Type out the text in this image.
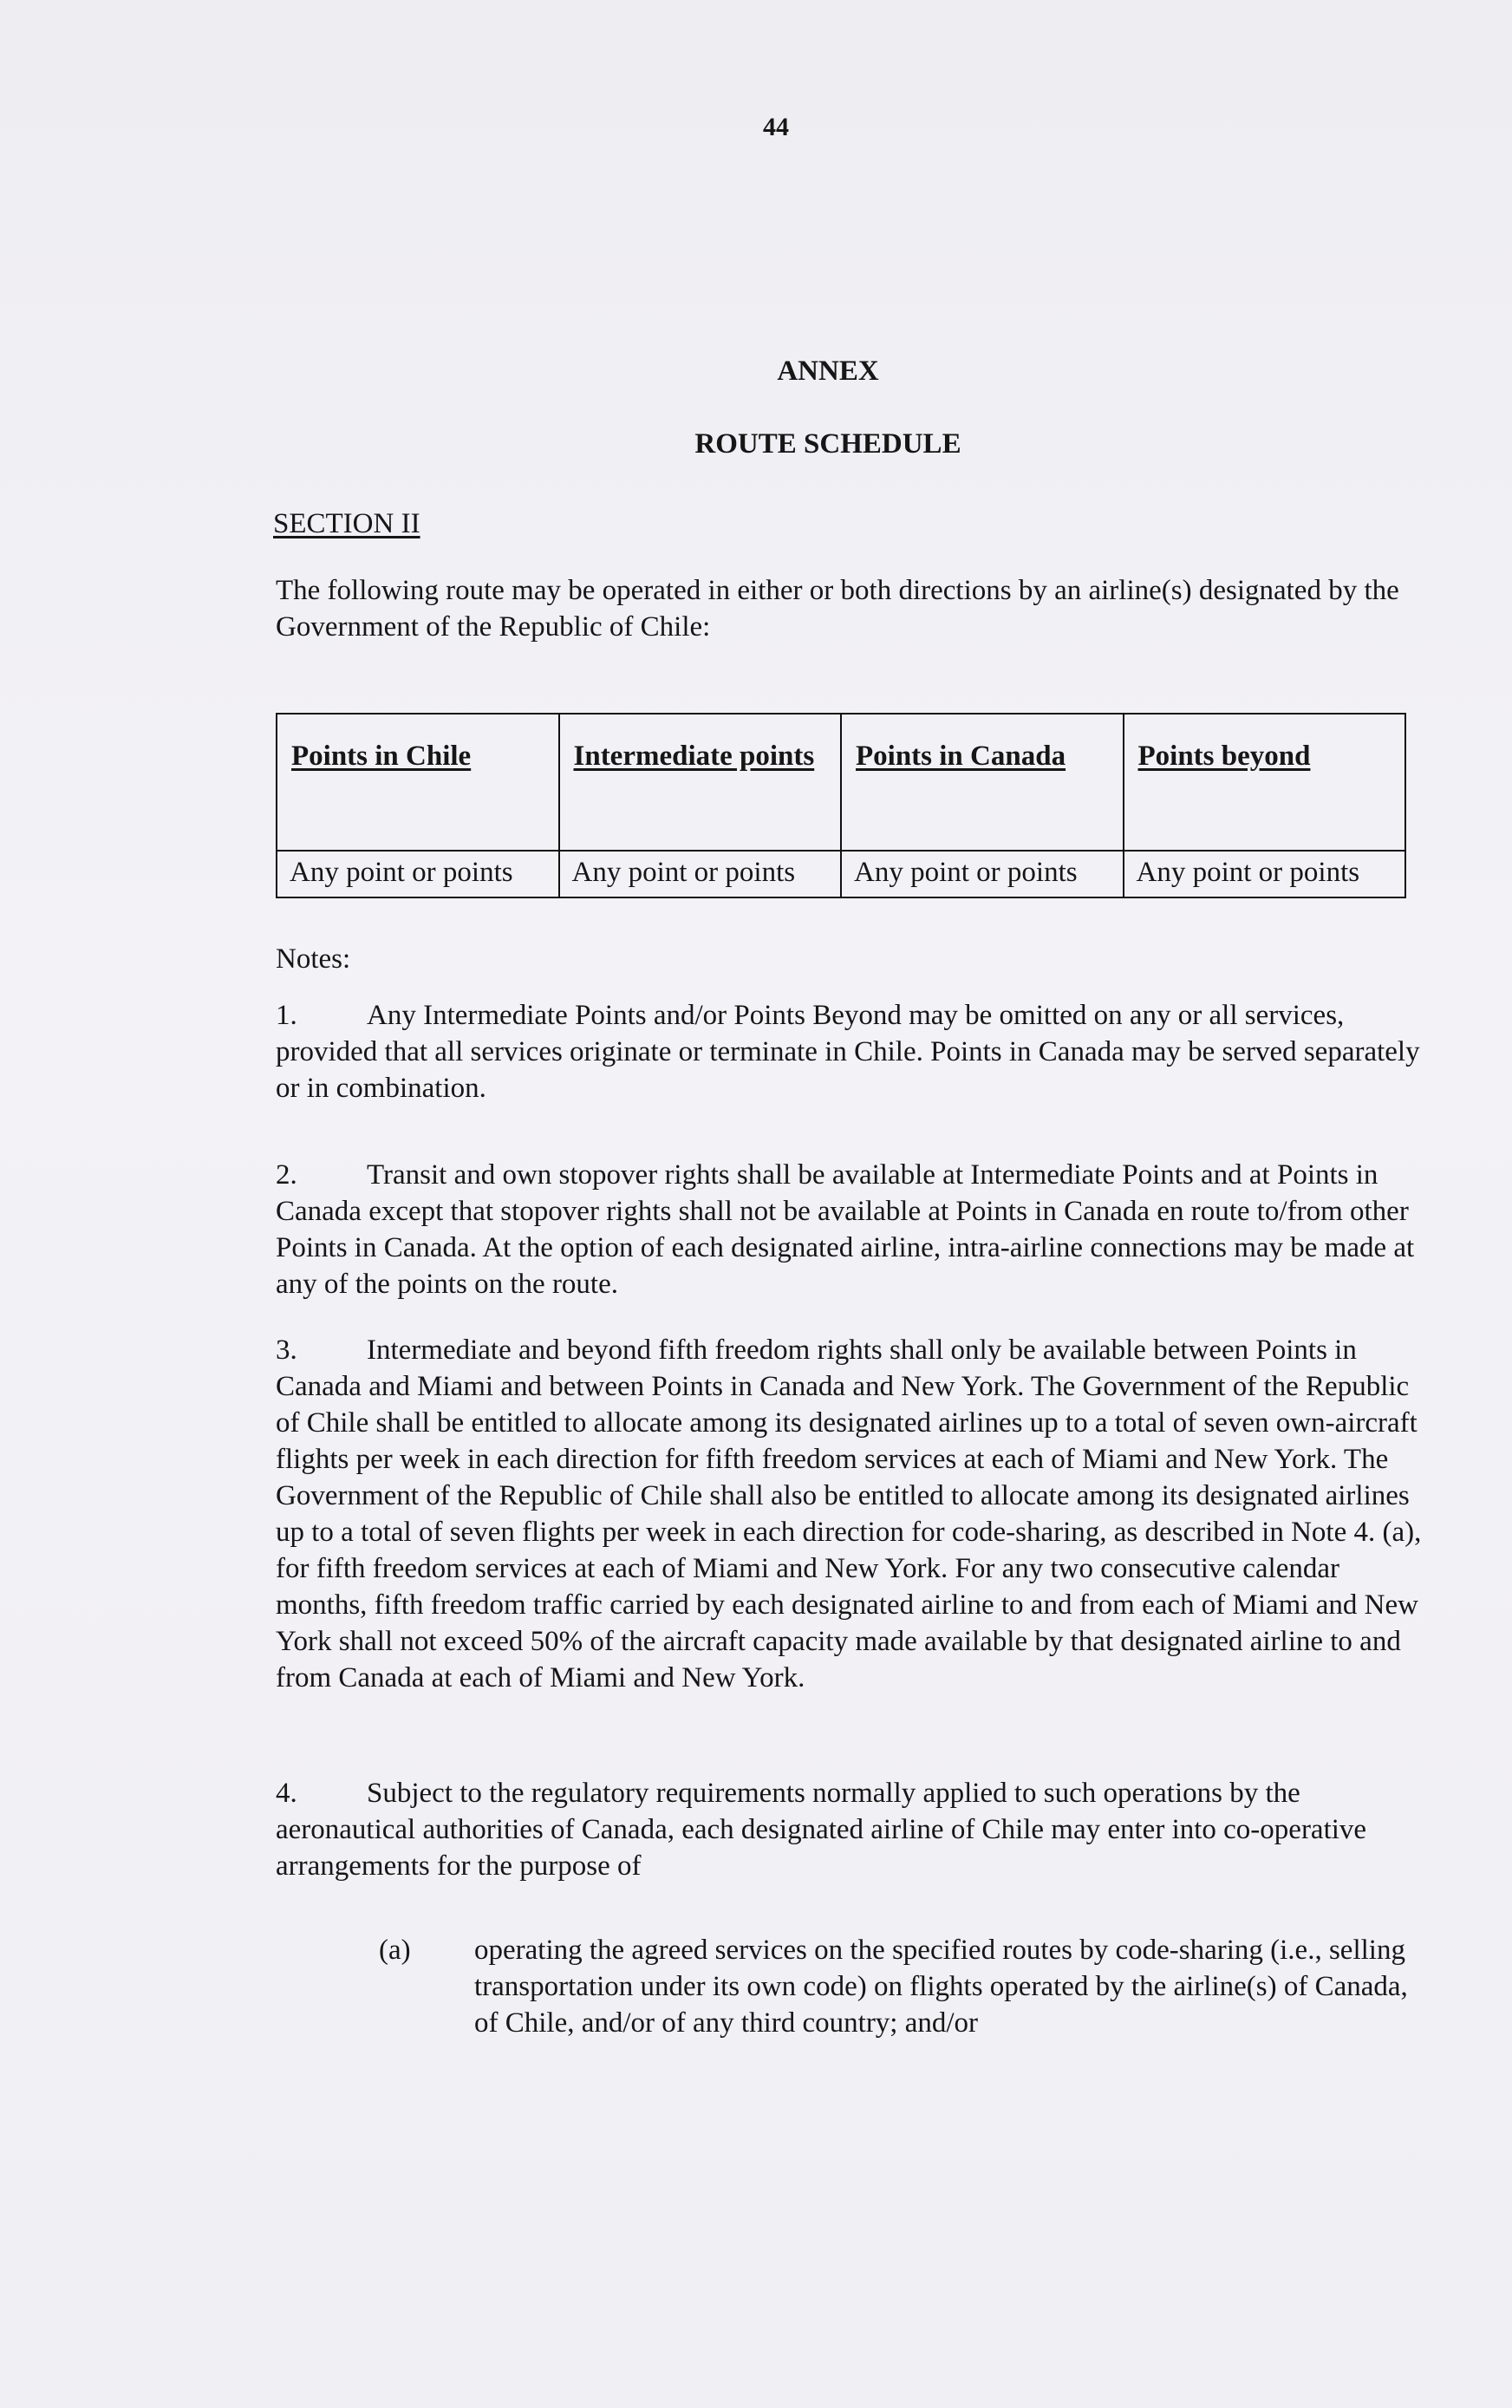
44
ANNEX
ROUTE SCHEDULE
SECTION II
The following route may be operated in either or both directions by an airline(s) designated by the Government of the Republic of Chile:
Points in Chile
Any point or points
Intermediate points
Any point or points
Points in Canada
Any point or points
Points beyond
Any point or points
Notes:
1. Any Intermediate Points and/or Points Beyond may be omitted on any or all services, provided that all services originate or terminate in Chile. Points in Canada may be served separately or in combination.
2. Transit and own stopover rights shall be available at Intermediate Points and at Points in Canada except that stopover rights shall not be available at Points in Canada en route to/from other Points in Canada. At the option of each designated airline, intra-airline connections may be made at any of the points on the route.
3. Intermediate and beyond fifth freedom rights shall only be available between Points in Canada and Miami and between Points in Canada and New York. The Government of the Republic of Chile shall be entitled to allocate among its designated airlines up to a total of seven own-aircraft flights per week in each direction for fifth freedom services at each of Miami and New York. The Government of the Republic of Chile shall also be entitled to allocate among its designated airlines up to a total of seven flights per week in each direction for code-sharing, as described in Note 4. (a), for fifth freedom services at each of Miami and New York. For any two consecutive calendar months, fifth freedom traffic carried by each designated airline to and from each of Miami and New York shall not exceed 50% of the aircraft capacity made available by that designated airline to and from Canada at each of Miami and New York.
4. Subject to the regulatory requirements normally applied to such operations by the aeronautical authorities of Canada, each designated airline of Chile may enter into co-operative arrangements for the purpose of
(a) operating the agreed services on the specified routes by code-sharing (i.e., selling transportation under its own code) on flights operated by the airline(s) of Canada, of Chile, and/or of any third country; and/or
